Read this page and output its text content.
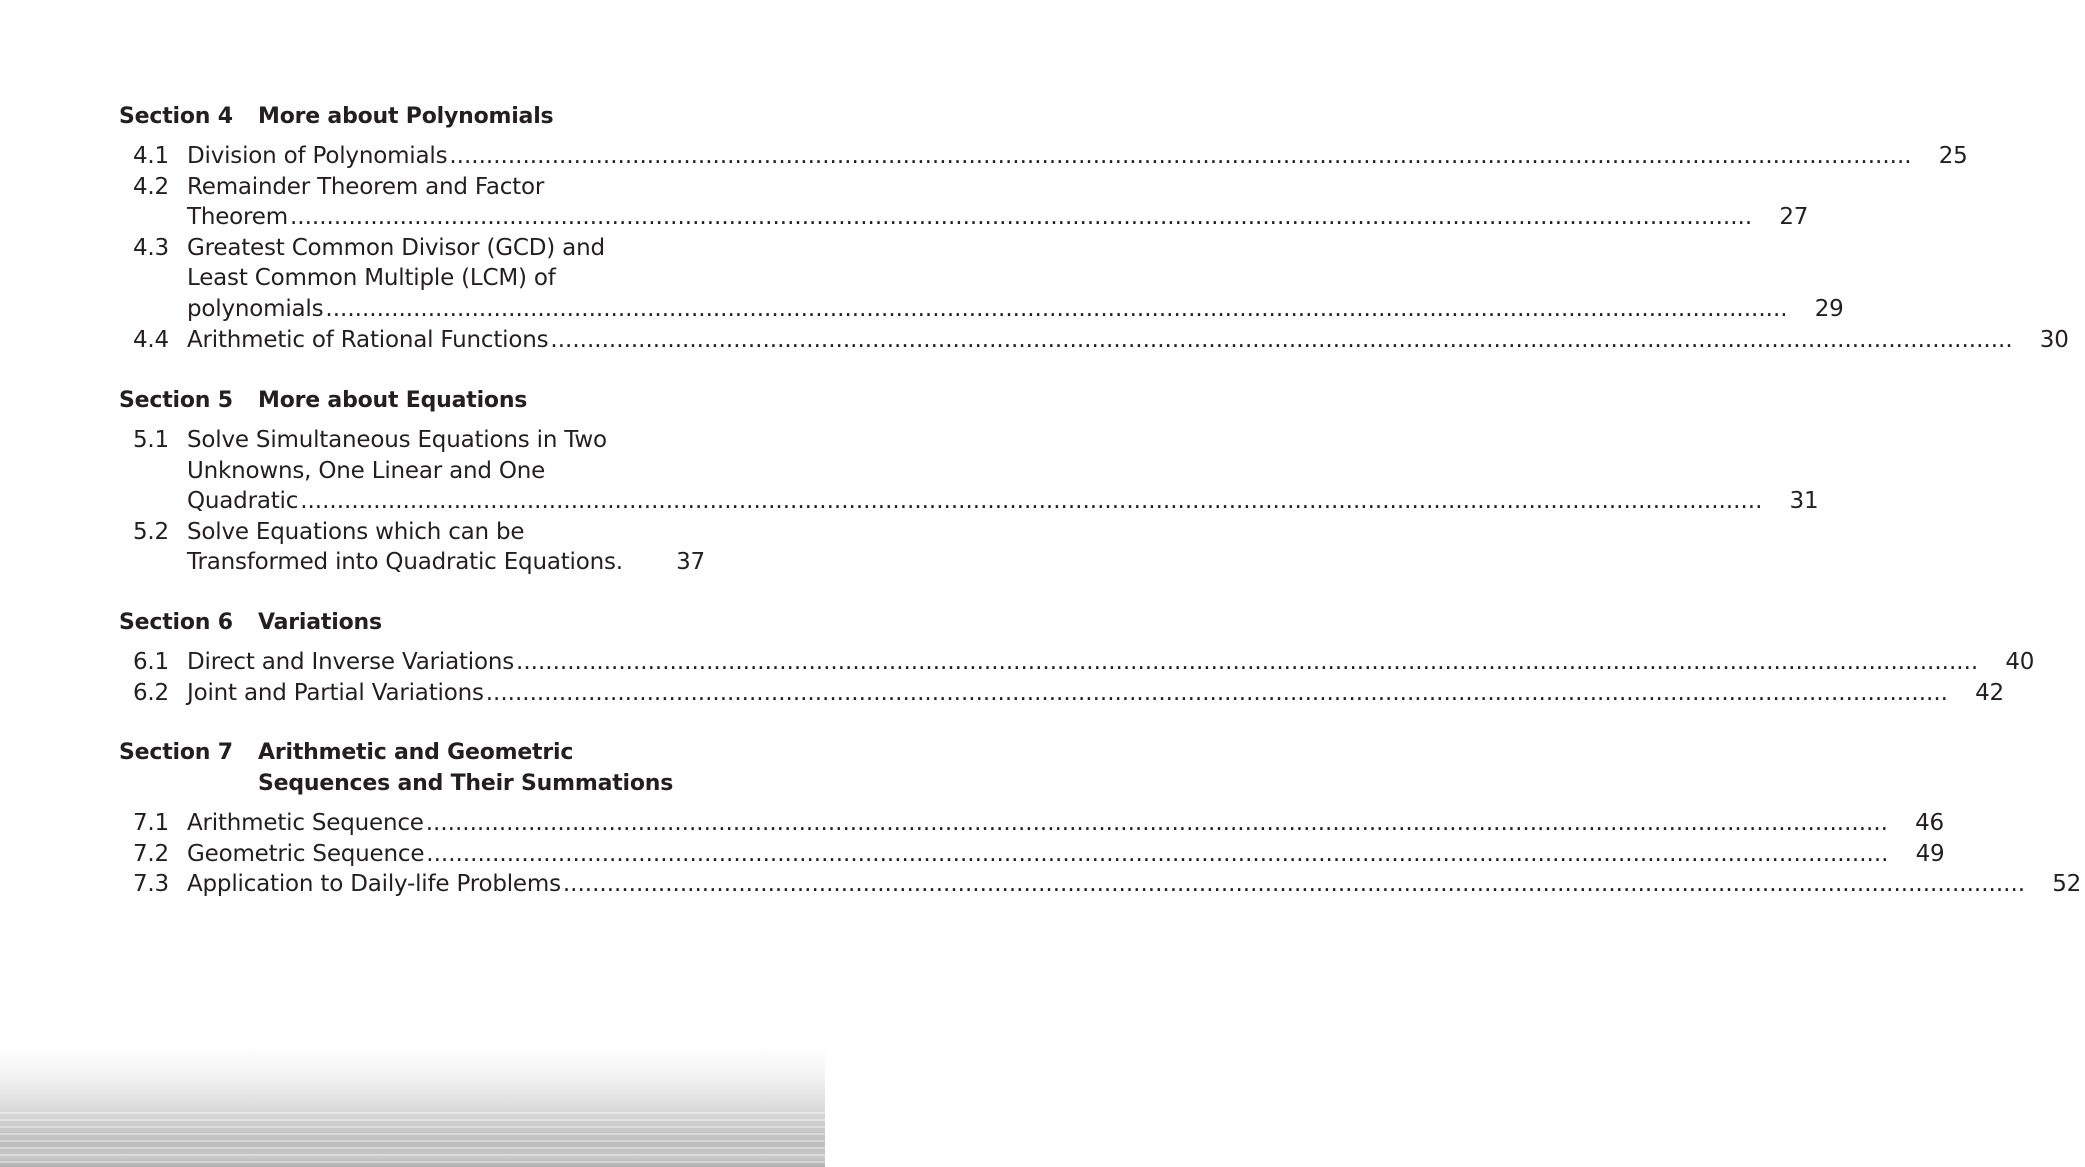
Section 4	More about Polynomials
4.1 Division of Polynomials ........................................................................................................................................................................................................	25
4.2 Remainder Theorem and Factor
Theorem ........................................................................................................................................................................................................	27
4.3 Greatest Common Divisor (GCD) and
Least Common Multiple (LCM) of
polynomials ........................................................................................................................................................................................................	29
4.4 Arithmetic of Rational Functions ........................................................................................................................................................................................................	30
Section 5	More about Equations
5.1 Solve Simultaneous Equations in Two
Unknowns, One Linear and One
Quadratic ........................................................................................................................................................................................................	31
5.2 Solve Equations which can be
Transformed into Quadratic Equations.	37
Section 6	Variations
6.1 Direct and Inverse Variations ........................................................................................................................................................................................................	40
6.2 Joint and Partial Variations ........................................................................................................................................................................................................	42
Section 7	Arithmetic and Geometric
Sequences and Their Summations
7.1 Arithmetic Sequence ........................................................................................................................................................................................................	46
7.2 Geometric Sequence ........................................................................................................................................................................................................	49
7.3 Application to Daily-life Problems ........................................................................................................................................................................................................	52
